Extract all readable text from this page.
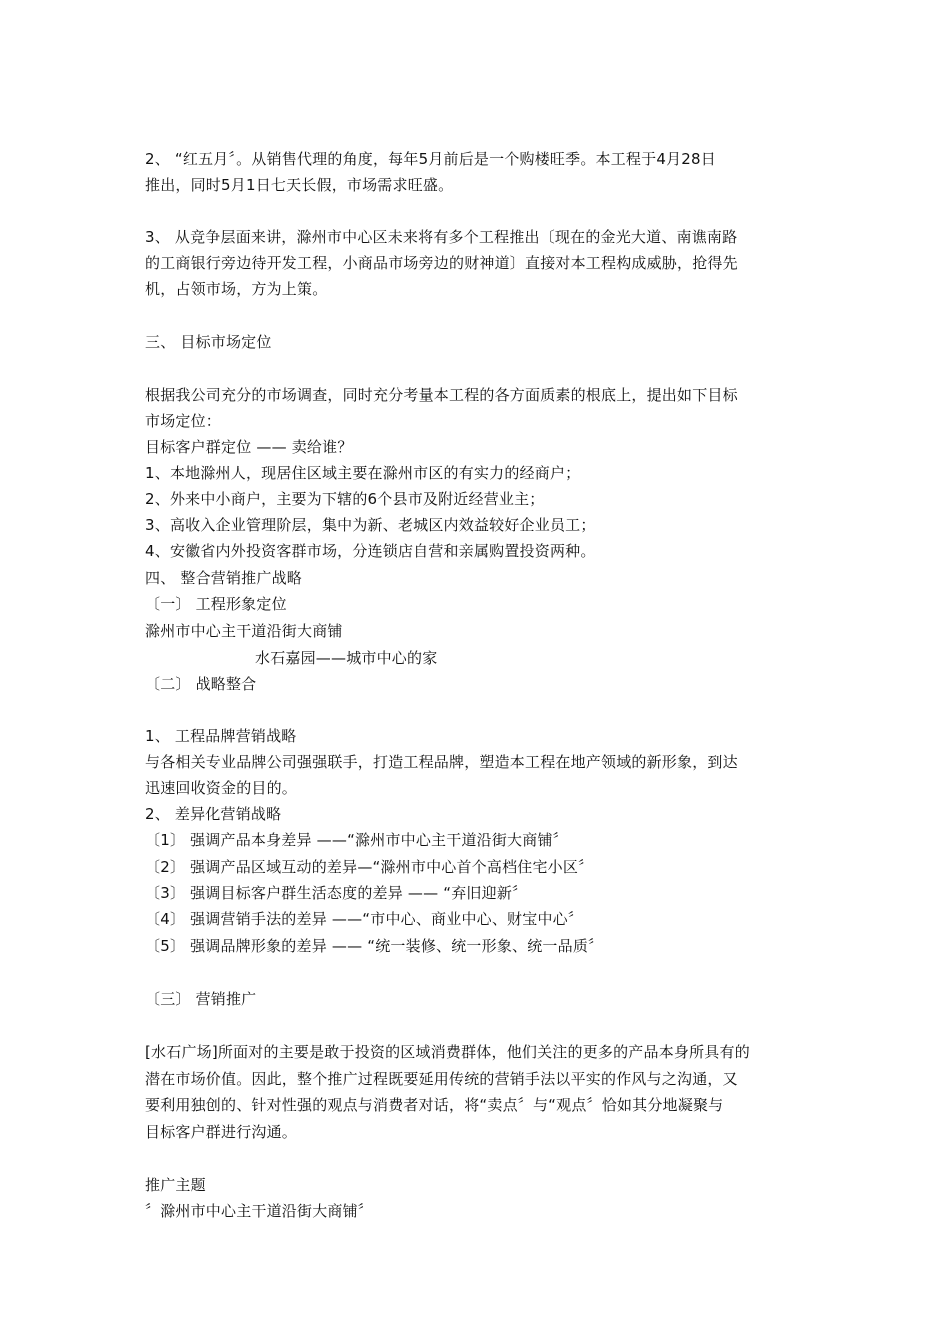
2、 “红五月〞。从销售代理的角度，每年5月前后是一个购楼旺季。本工程于4月28日
推出，同时5月1日七天长假，市场需求旺盛。
3、 从竞争层面来讲，滁州市中心区未来将有多个工程推出〔现在的金光大道、南谯南路
的工商银行旁边待开发工程，小商品市场旁边的财神道〕直接对本工程构成威胁，抢得先
机，占领市场，方为上策。
三、 目标市场定位
根据我公司充分的市场调查，同时充分考量本工程的各方面质素的根底上，提出如下目标
市场定位：
目标客户群定位 —— 卖给谁？
1、本地滁州人，现居住区域主要在滁州市区的有实力的经商户；
2、外来中小商户，主要为下辖的6个县市及附近经营业主；
3、高收入企业管理阶层，集中为新、老城区内效益较好企业员工；
4、安徽省内外投资客群市场，分连锁店自营和亲属购置投资两种。
四、 整合营销推广战略
〔一〕 工程形象定位
滁州市中心主干道沿街大商铺
水石嘉园——城市中心的家
〔二〕 战略整合
1、 工程品牌营销战略
与各相关专业品牌公司强强联手，打造工程品牌，塑造本工程在地产领域的新形象，到达
迅速回收资金的目的。
2、 差异化营销战略
〔1〕 强调产品本身差异 ——“滁州市中心主干道沿街大商铺〞
〔2〕 强调产品区域互动的差异—“滁州市中心首个高档住宅小区〞
〔3〕 强调目标客户群生活态度的差异 —— “弃旧迎新〞
〔4〕 强调营销手法的差异 ——“市中心、商业中心、财宝中心〞
〔5〕 强调品牌形象的差异 —— “统一装修、统一形象、统一品质〞
〔三〕 营销推广
[水石广场]所面对的主要是敢于投资的区域消费群体，他们关注的更多的产品本身所具有的
潜在市场价值。因此，整个推广过程既要延用传统的营销手法以平实的作风与之沟通，又
要利用独创的、针对性强的观点与消费者对话，将“卖点〞与“观点〞恰如其分地凝聚与
目标客户群进行沟通。
推广主题
〞滁州市中心主干道沿街大商铺〞
